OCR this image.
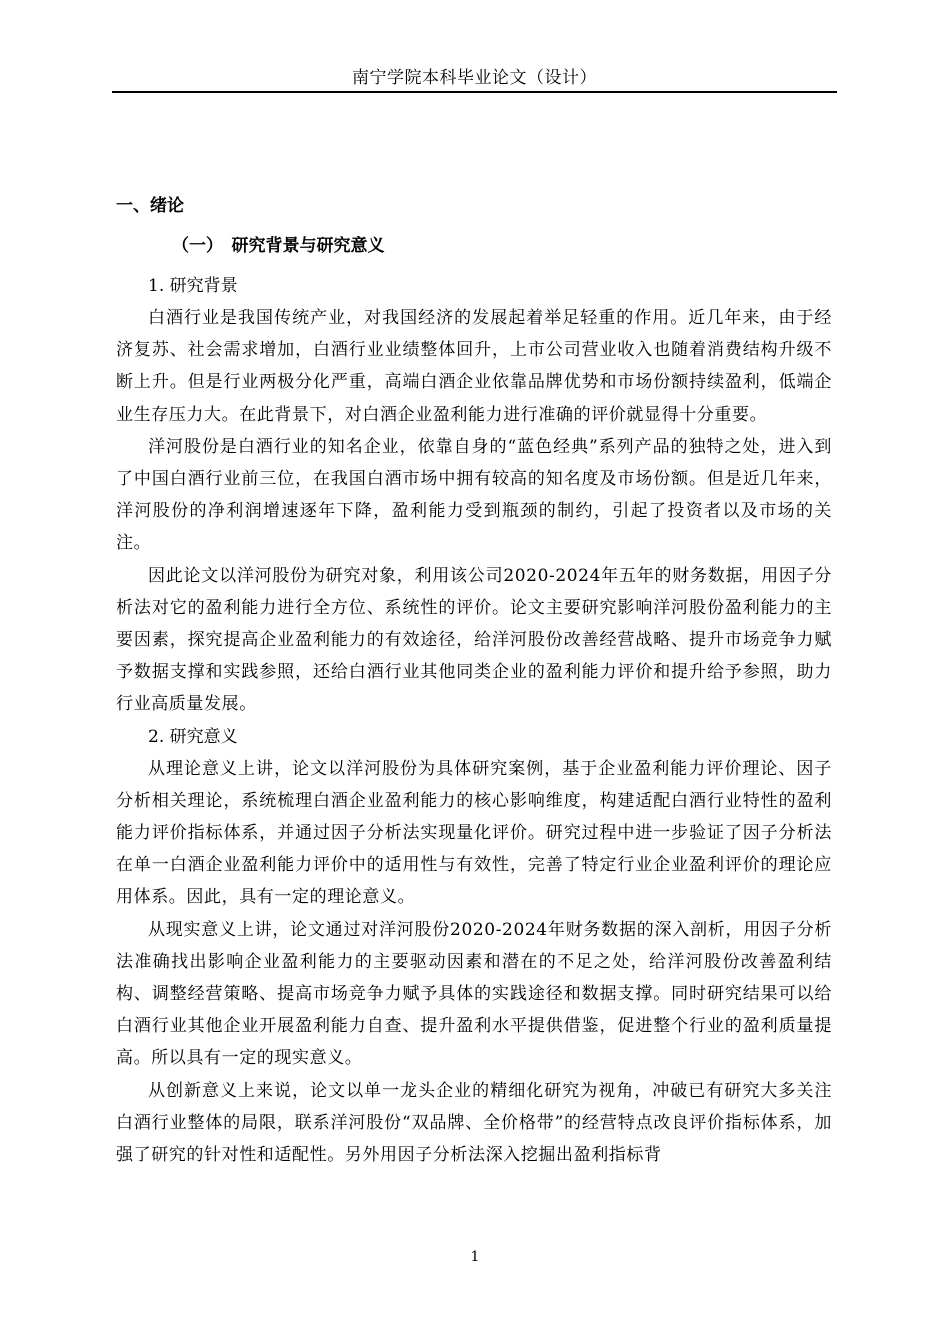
南宁学院本科毕业论文（设计）
一、绪论
（一）　研究背景与研究意义
1. 研究背景

白酒行业是我国传统产业，对我国经济的发展起着举足轻重的作用。近几年来，由于经济复苏、社会需求增加，白酒行业业绩整体回升，上市公司营业收入也随着消费结构升级不断上升。但是行业两极分化严重，高端白酒企业依靠品牌优势和市场份额持续盈利，低端企业生存压力大。在此背景下，对白酒企业盈利能力进行准确的评价就显得十分重要。

洋河股份是白酒行业的知名企业，依靠自身的“蓝色经典”系列产品的独特之处，进入到了中国白酒行业前三位，在我国白酒市场中拥有较高的知名度及市场份额。但是近几年来，洋河股份的净利润增速逐年下降，盈利能力受到瓶颈的制约，引起了投资者以及市场的关注。

因此论文以洋河股份为研究对象，利用该公司2020-2024年五年的财务数据，用因子分析法对它的盈利能力进行全方位、系统性的评价。论文主要研究影响洋河股份盈利能力的主要因素，探究提高企业盈利能力的有效途径，给洋河股份改善经营战略、提升市场竞争力赋予数据支撑和实践参照，还给白酒行业其他同类企业的盈利能力评价和提升给予参照，助力行业高质量发展。

2. 研究意义

从理论意义上讲，论文以洋河股份为具体研究案例，基于企业盈利能力评价理论、因子分析相关理论，系统梳理白酒企业盈利能力的核心影响维度，构建适配白酒行业特性的盈利能力评价指标体系，并通过因子分析法实现量化评价。研究过程中进一步验证了因子分析法在单一白酒企业盈利能力评价中的适用性与有效性，完善了特定行业企业盈利评价的理论应用体系。因此，具有一定的理论意义。

从现实意义上讲，论文通过对洋河股份2020-2024年财务数据的深入剖析，用因子分析法准确找出影响企业盈利能力的主要驱动因素和潜在的不足之处，给洋河股份改善盈利结构、调整经营策略、提高市场竞争力赋予具体的实践途径和数据支撑。同时研究结果可以给白酒行业其他企业开展盈利能力自查、提升盈利水平提供借鉴，促进整个行业的盈利质量提高。所以具有一定的现实意义。

从创新意义上来说，论文以单一龙头企业的精细化研究为视角，冲破已有研究大多关注白酒行业整体的局限，联系洋河股份“双品牌、全价格带”的经营特点改良评价指标体系，加强了研究的针对性和适配性。另外用因子分析法深入挖掘出盈利指标背

1
